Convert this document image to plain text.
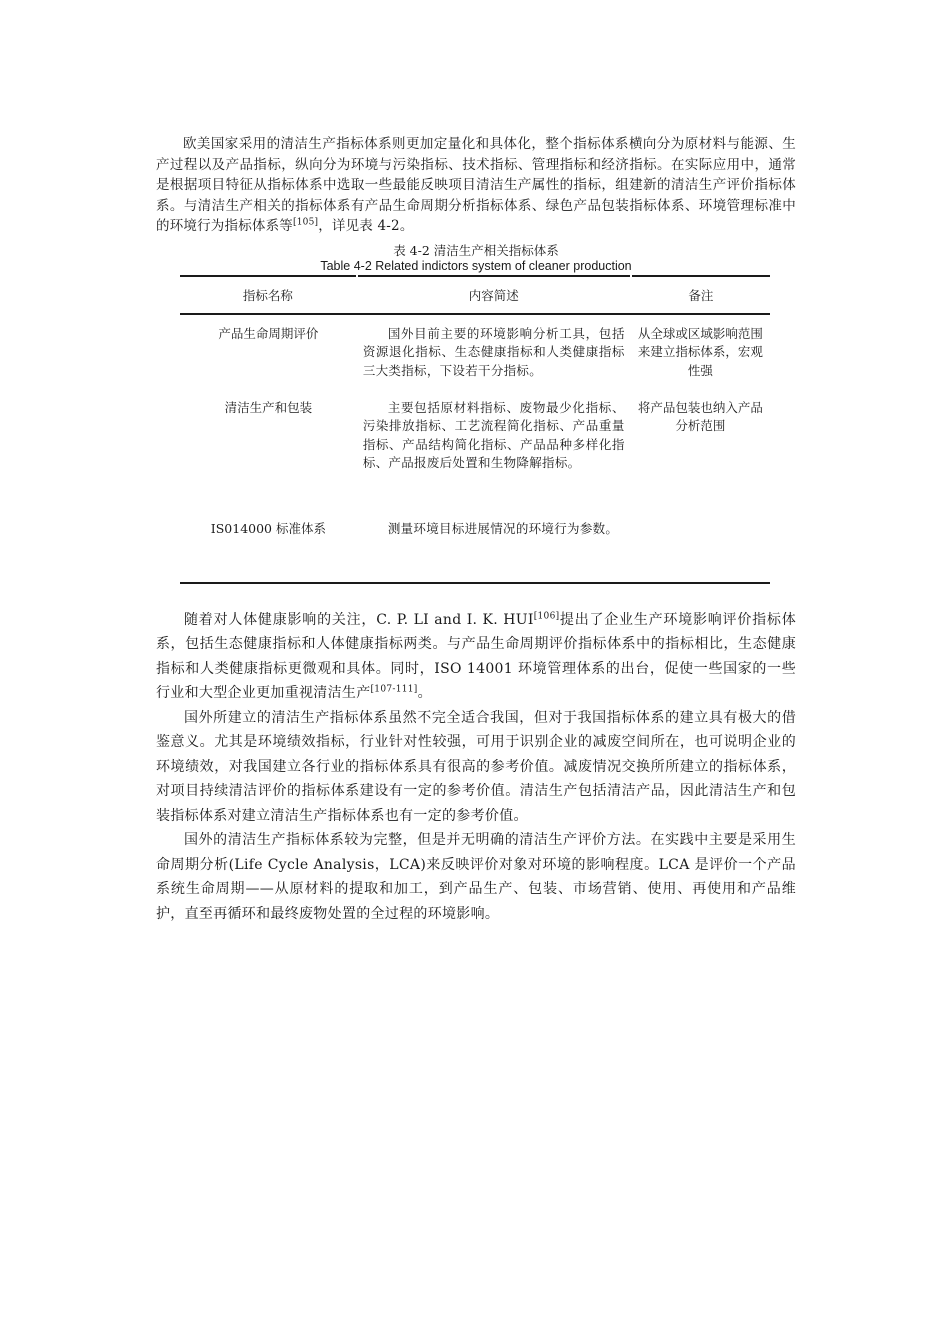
欧美国家采用的清洁生产指标体系则更加定量化和具体化，整个指标体系横向分为原材料与能源、生产过程以及产品指标，纵向分为环境与污染指标、技术指标、管理指标和经济指标。在实际应用中，通常是根据项目特征从指标体系中选取一些最能反映项目清洁生产属性的指标，组建新的清洁生产评价指标体系。与清洁生产相关的指标体系有产品生命周期分析指标体系、绿色产品包装指标体系、环境管理标准中的环境行为指标体系等[105]，详见表 4-2。

表 4-2 清洁生产相关指标体系
Table 4-2 Related indictors system of cleaner production
指标名称	内容简述	备注
产品生命周期评价	国外目前主要的环境影响分析工具，包括资源退化指标、生态健康指标和人类健康指标三大类指标，下设若干分指标。	从全球或区域影响范围来建立指标体系，宏观性强
清洁生产和包装	主要包括原材料指标、废物最少化指标、污染排放指标、工艺流程简化指标、产品重量指标、产品结构简化指标、产品品种多样化指标、产品报废后处置和生物降解指标。	将产品包装也纳入产品分析范围
IS014000 标准体系	测量环境目标进展情况的环境行为参数。	

随着对人体健康影响的关注，C. P. LI and I. K. HUI[106]提出了企业生产环境影响评价指标体系，包括生态健康指标和人体健康指标两类。与产品生命周期评价指标体系中的指标相比，生态健康指标和人类健康指标更微观和具体。同时，ISO 14001 环境管理体系的出台，促使一些国家的一些行业和大型企业更加重视清洁生产[107-111]。

国外所建立的清洁生产指标体系虽然不完全适合我国，但对于我国指标体系的建立具有极大的借鉴意义。尤其是环境绩效指标，行业针对性较强，可用于识别企业的减废空间所在，也可说明企业的环境绩效，对我国建立各行业的指标体系具有很高的参考价值。减废情况交换所所建立的指标体系，对项目持续清洁评价的指标体系建设有一定的参考价值。清洁生产包括清洁产品，因此清洁生产和包装指标体系对建立清洁生产指标体系也有一定的参考价值。

国外的清洁生产指标体系较为完整，但是并无明确的清洁生产评价方法。在实践中主要是采用生命周期分析(Life Cycle Analysis，LCA)来反映评价对象对环境的影响程度。LCA 是评价一个产品系统生命周期——从原材料的提取和加工，到产品生产、包装、市场营销、使用、再使用和产品维护，直至再循环和最终废物处置的全过程的环境影响。
